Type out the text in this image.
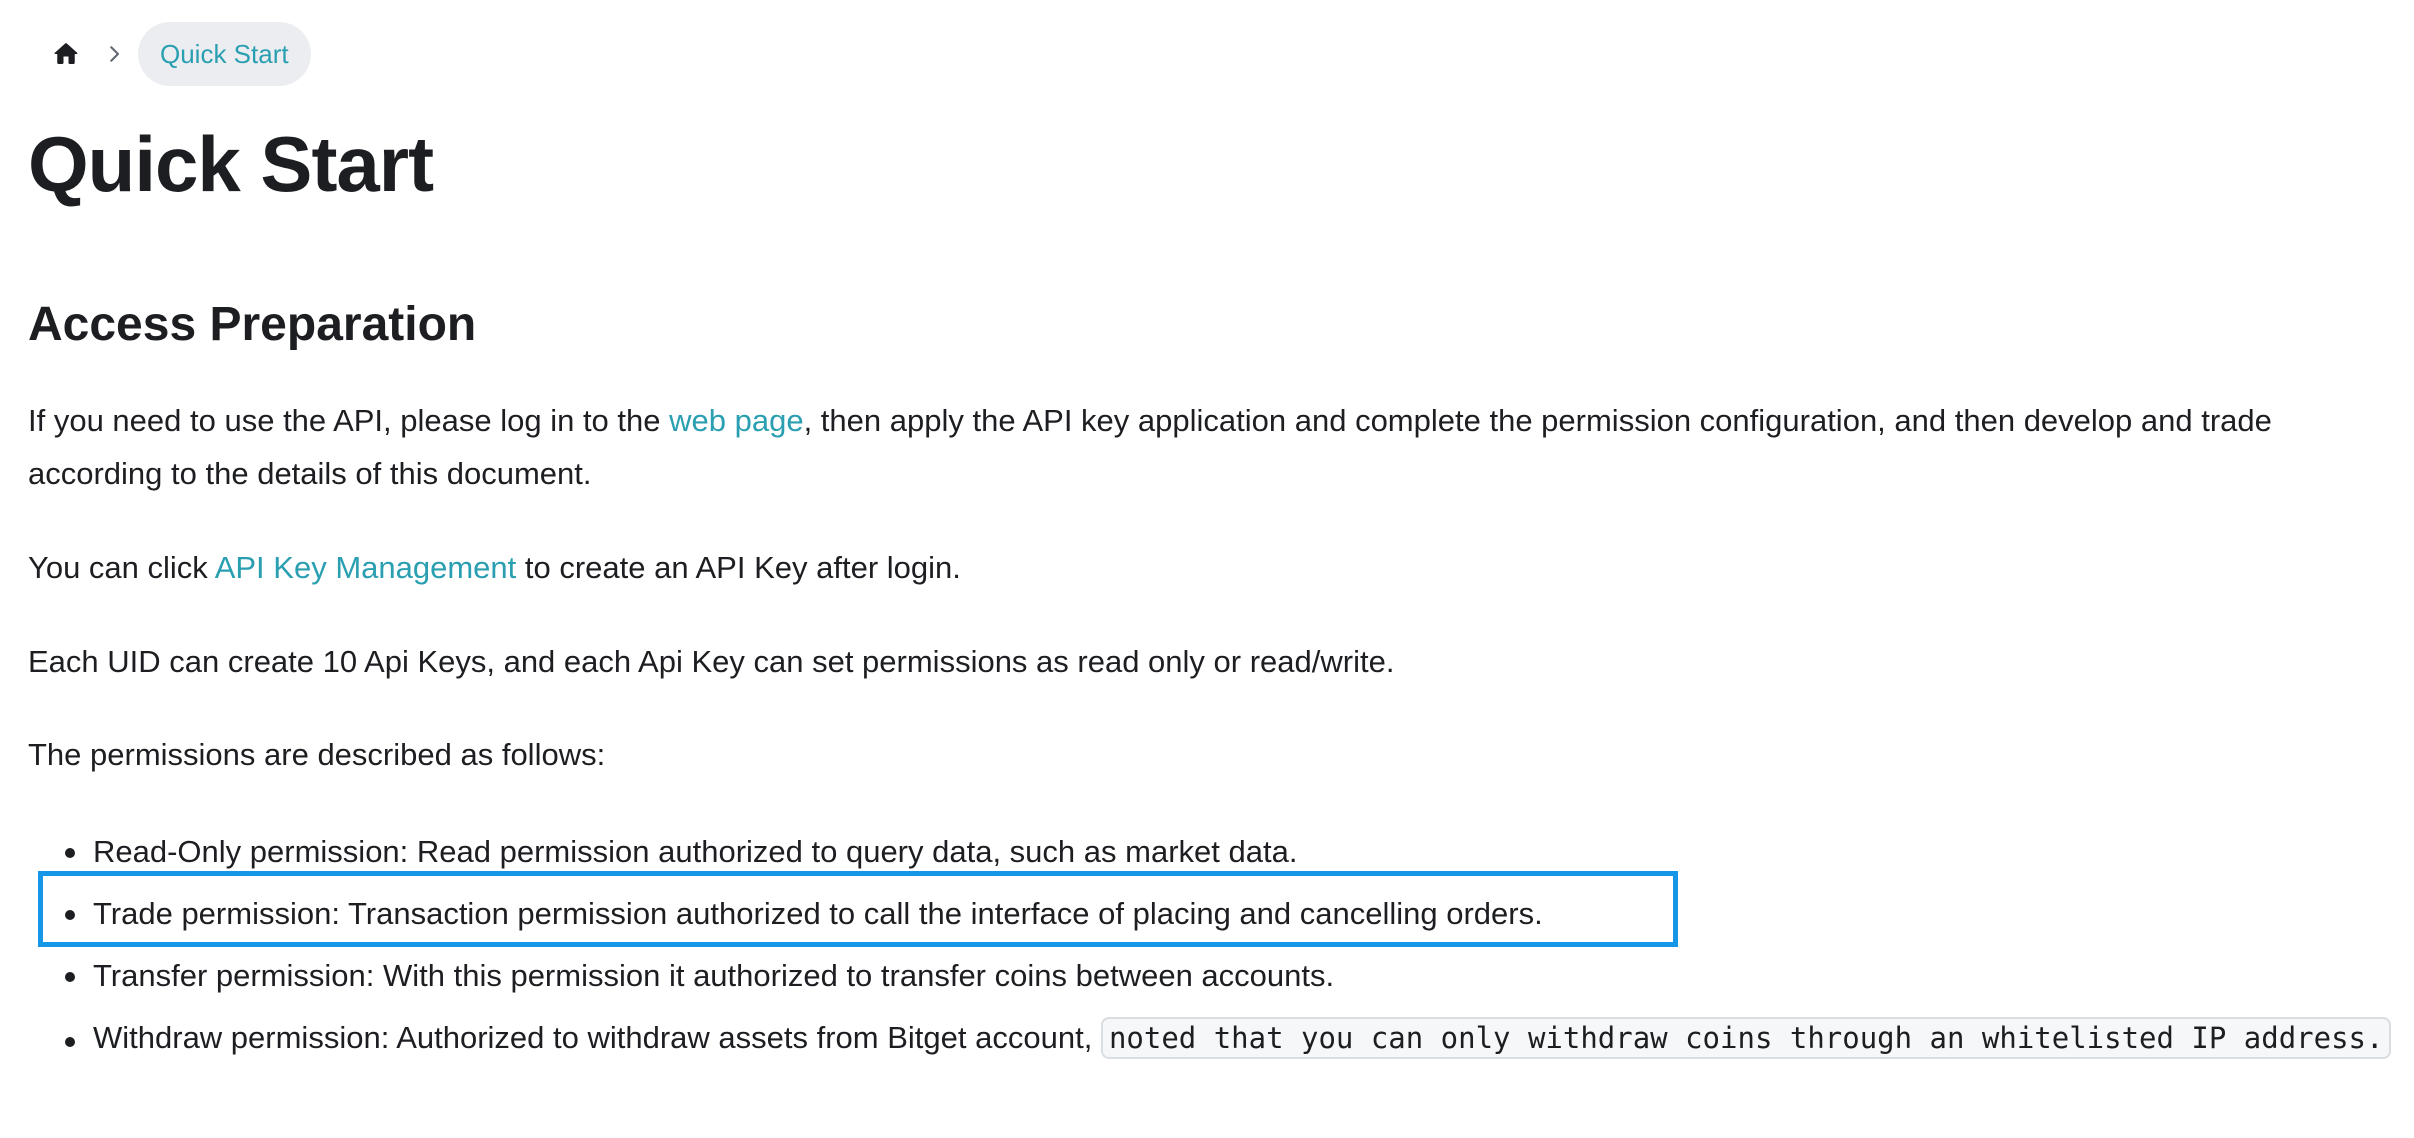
Quick Start
Quick Start
Access Preparation

If you need to use the API, please log in to the web page, then apply the API key application and complete the permission configuration, and then develop and trade according to the details of this document.

You can click API Key Management to create an API Key after login.

Each UID can create 10 Api Keys, and each Api Key can set permissions as read only or read/write.

The permissions are described as follows:

Read-Only permission: Read permission authorized to query data, such as market data.
Trade permission: Transaction permission authorized to call the interface of placing and cancelling orders.
Transfer permission: With this permission it authorized to transfer coins between accounts.
Withdraw permission: Authorized to withdraw assets from Bitget account, noted that you can only withdraw coins through an whitelisted IP address.
